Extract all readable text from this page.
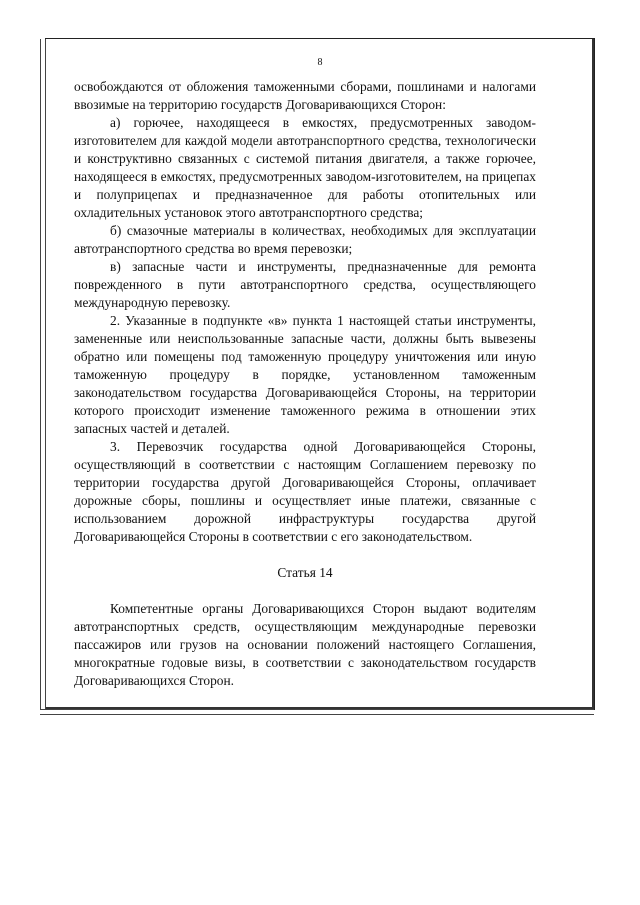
8

освобождаются от обложения таможенными сборами, пошлинами и налогами ввозимые на территорию государств Договаривающихся Сторон:

а) горючее, находящееся в емкостях, предусмотренных заводом-изготовителем для каждой модели автотранспортного средства, технологически и конструктивно связанных с системой питания двигателя, а также горючее, находящееся в емкостях, предусмотренных заводом-изготовителем, на прицепах и полуприцепах и предназначенное для работы отопительных или охладительных установок этого автотранспортного средства;

б) смазочные материалы в количествах, необходимых для эксплуатации автотранспортного средства во время перевозки;

в) запасные части и инструменты, предназначенные для ремонта поврежденного в пути автотранспортного средства, осуществляющего международную перевозку.

2. Указанные в подпункте «в» пункта 1 настоящей статьи инструменты, замененные или неиспользованные запасные части, должны быть вывезены обратно или помещены под таможенную процедуру уничтожения или иную таможенную процедуру в порядке, установленном таможенным законодательством государства Договаривающейся Стороны, на территории которого происходит изменение таможенного режима в отношении этих запасных частей и деталей.

3. Перевозчик государства одной Договаривающейся Стороны, осуществляющий в соответствии с настоящим Соглашением перевозку по территории государства другой Договаривающейся Стороны, оплачивает дорожные сборы, пошлины и осуществляет иные платежи, связанные с использованием дорожной инфраструктуры государства другой Договаривающейся Стороны в соответствии с его законодательством.

Статья 14

Компетентные органы Договаривающихся Сторон выдают водителям автотранспортных средств, осуществляющим международные перевозки пассажиров или грузов на основании положений настоящего Соглашения, многократные годовые визы, в соответствии с законодательством государств Договаривающихся Сторон.
